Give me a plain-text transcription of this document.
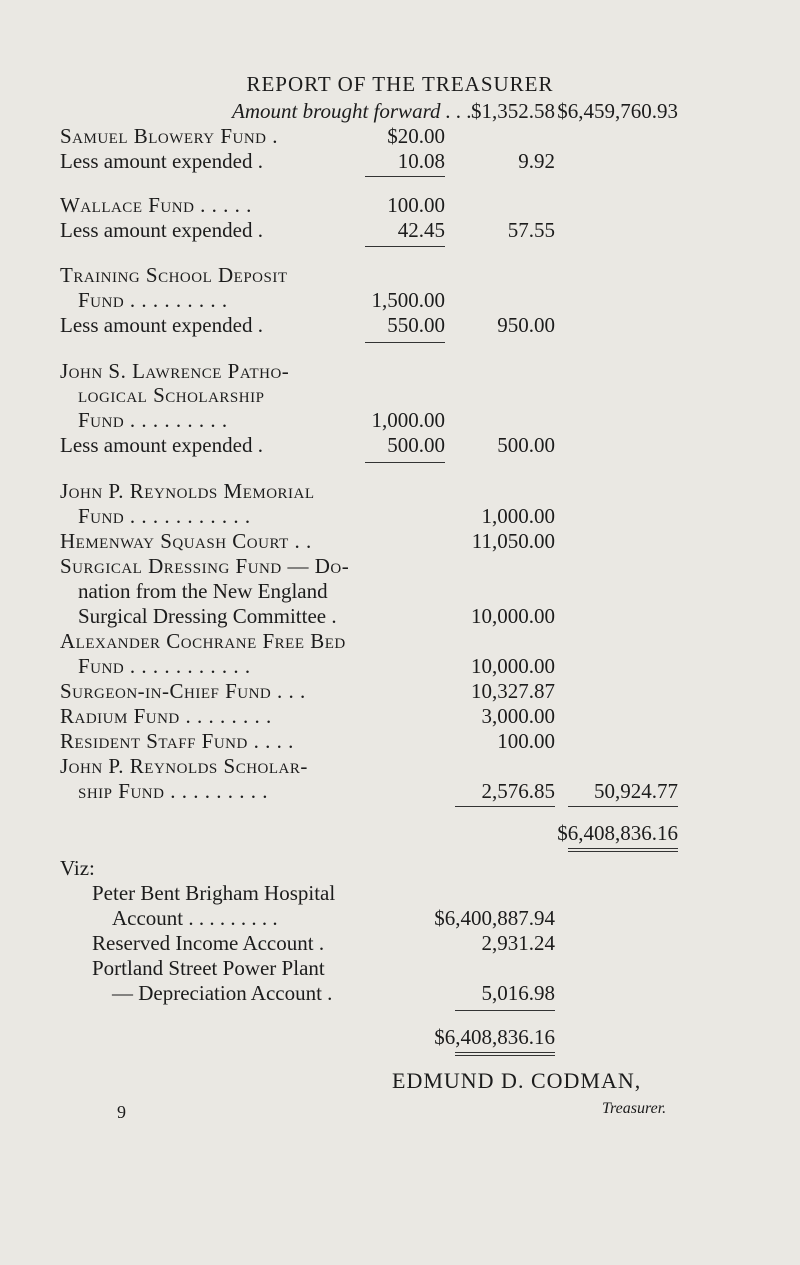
REPORT OF THE TREASURER
Amount brought forward . . . $1,352.58 $6,459,760.93
Samuel Blowery Fund .	$20.00
Less amount expended .	10.08	9.92
Wallace Fund . . . . .	100.00
Less amount expended .	42.45	57.55
Training School Deposit
Fund . . . . . . . . .	1,500.00
Less amount expended .	550.00 950.00
John S. Lawrence Patho-
logical Scholarship
Fund . . . . . . . . .	1,000.00
Less amount expended .	500.00 500.00
John P. Reynolds Memorial
Fund . . . . . . . . . . .	1,000.00
Hemenway Squash Court . .	11,050.00
Surgical Dressing Fund — Do-
nation from the New England
Surgical Dressing Committee .	10,000.00
Alexander Cochrane Free Bed
Fund . . . . . . . . . . .	10,000.00
Surgeon-in-Chief Fund . . .	10,327.87
Radium Fund . . . . . . . .	3,000.00
Resident Staff Fund . . . .	100.00
John P. Reynolds Scholar-
ship Fund . . . . . . . . .	2,576.85 50,924.77
$6,408,836.16
Viz:
Peter Bent Brigham Hospital
Account . . . . . . . . .	$6,400,887.94
Reserved Income Account .	2,931.24
Portland Street Power Plant
— Depreciation Account .	5,016.98
$6,408,836.16
EDMUND D. CODMAN,
Treasurer.
9
